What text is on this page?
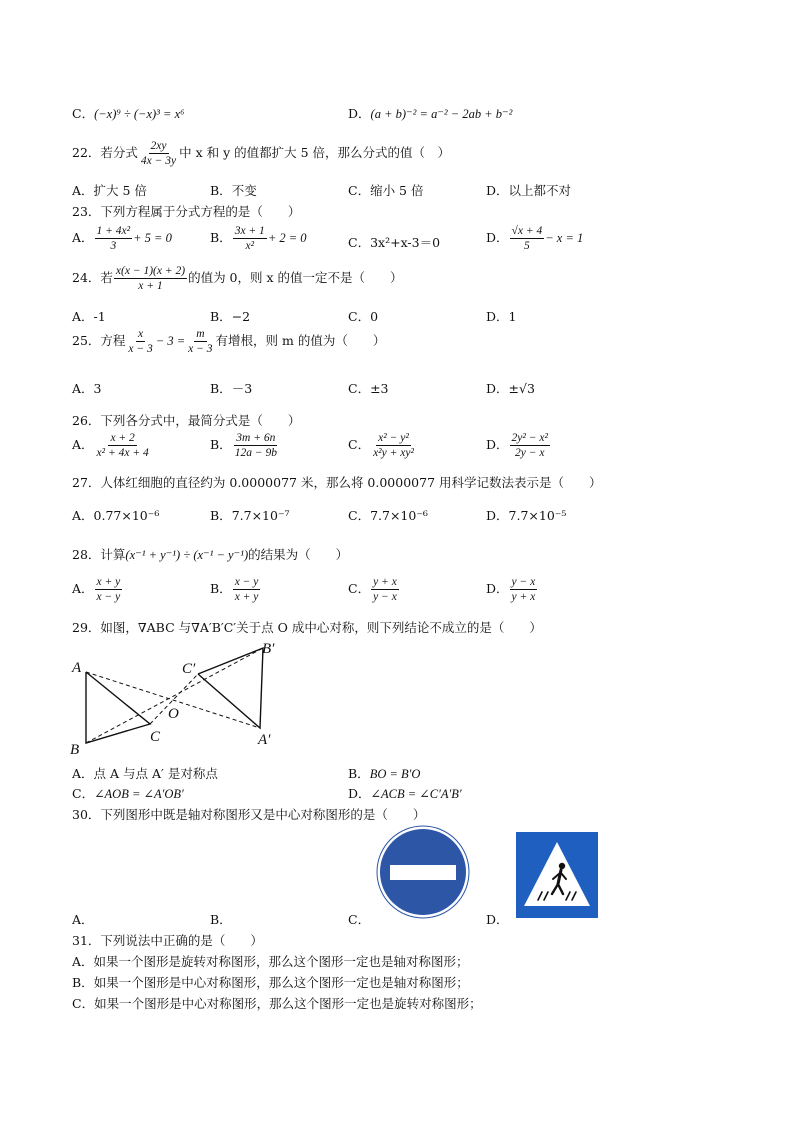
C．(−x)⁹ ÷ (−x)³ = x⁶	D．(a + b)⁻² = a⁻² − 2ab + b⁻²
22．若分式 $\frac{2xy}{4x - 3y}$ 中 x 和 y 的值都扩大 5 倍，那么分式的值（　）
A．扩大 5 倍	B．不变	C．缩小 5 倍	D．以上都不对
23．下列方程属于分式方程的是（　　）
A． $\frac{\text{1 + 4x²}}{3} + 5 = 0$	B． $\frac{3x + 1}{\text{x²}} + 2 = 0$	C．3x²+x-3＝0	D． $\frac{√x + 4}{5} - x = 1$
24．若 $\frac{x(x - 1)(x + 2)}{x + 1}$ 的值为 0，则 x 的值一定不是（　　）
A．-1	B．−2	C．0	D．1
25．方程 $\frac{x}{x - 3} - 3 = \frac{m}{x - 3}$ 有增根，则 m 的值为（　　）
A．3	B．－3	C．±3	D．±√3
26．下列各分式中，最简分式是（　　）
A． $\frac{x + 2}{\text{x² + 4x + 4}}$	B． $\frac{3m + 6n}{12a - 9b}$	C． $\frac{\text{x² − y²}}{\text{x²y + xy²}}$	D． $\frac{\text{2y² − x²}}{2y - x}$
27．人体红细胞的直径约为 0.0000077 米，那么将 0.0000077 用科学记数法表示是（　　）
A．0.77×10⁻⁶	B．7.7×10⁻⁷	C．7.7×10⁻⁶	D．7.7×10⁻⁵
28．计算(x⁻¹ + y⁻¹) ÷ (x⁻¹ − y⁻¹)的结果为（　　）
A． $\frac{x + y}{x - y}$	B． $\frac{x - y}{x + y}$	C． $\frac{y + x}{y - x}$	D． $\frac{y - x}{y + x}$
29．如图，∇ABC 与∇A′B′C′关于点 O 成中心对称，则下列结论不成立的是（　　）
A
B
C
O
A′
B′
C′
A．点 A 与点 A′ 是对称点	B．BO = B′O
C．∠AOB = ∠A′OB′	D．∠ACB = ∠C′A′B′
30．下列图形中既是轴对称图形又是中心对称图形的是（　　）
A．	B．	C．	D．
31．下列说法中正确的是（　　）
A．如果一个图形是旋转对称图形，那么这个图形一定也是轴对称图形；
B．如果一个图形是中心对称图形，那么这个图形一定也是轴对称图形；
C．如果一个图形是中心对称图形，那么这个图形一定也是旋转对称图形；
